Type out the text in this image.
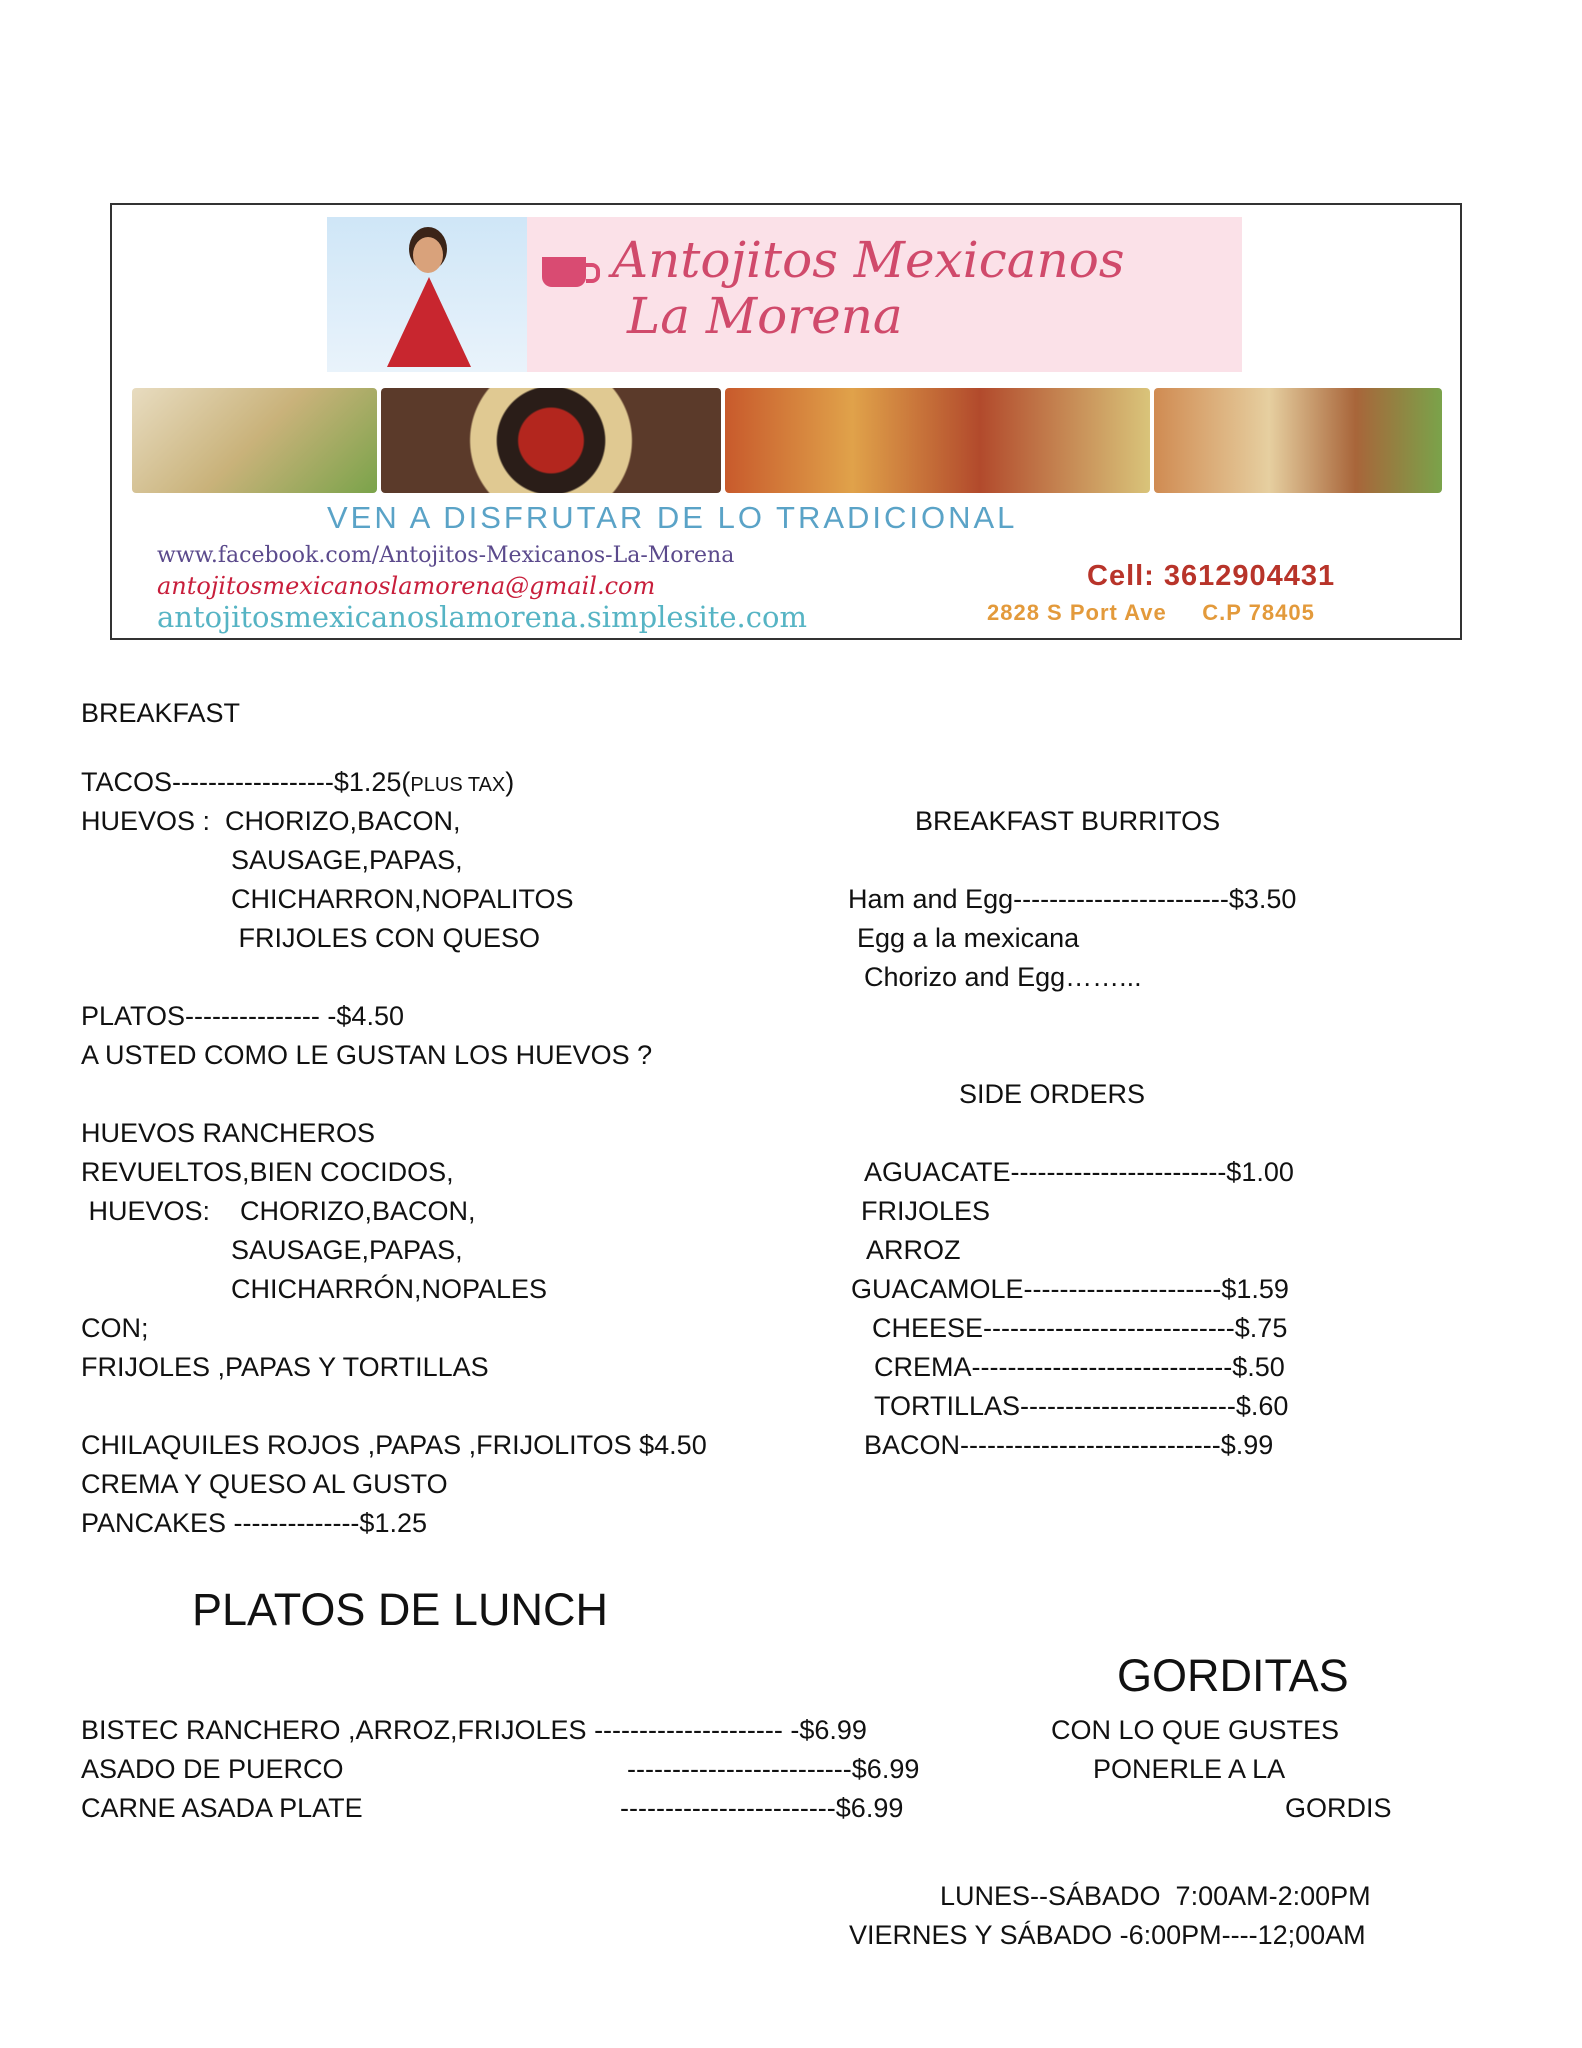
Antojitos Mexicanos
La Morena
VEN A DISFRUTAR DE LO TRADICIONAL
www.facebook.com/Antojitos-Mexicanos-La-Morena
antojitosmexicanoslamorena@gmail.com
antojitosmexicanoslamorena.simplesite.com
Cell: 3612904431
2828 S Port Ave     C.P 78405
BREAKFAST
TACOS------------------$1.25(PLUS TAX)
HUEVOS :  CHORIZO,BACON,
SAUSAGE,PAPAS,
CHICHARRON,NOPALITOS
FRIJOLES CON QUESO
PLATOS--------------- -$4.50
A USTED COMO LE GUSTAN LOS HUEVOS ?
HUEVOS RANCHEROS
REVUELTOS,BIEN COCIDOS,
HUEVOS:    CHORIZO,BACON,
SAUSAGE,PAPAS,
CHICHARRÓN,NOPALES
CON;
FRIJOLES ,PAPAS Y TORTILLAS
CHILAQUILES ROJOS ,PAPAS ,FRIJOLITOS $4.50
CREMA Y QUESO AL GUSTO
PANCAKES --------------$1.25
BREAKFAST BURRITOS
Ham and Egg------------------------$3.50
Egg a la mexicana
Chorizo and Egg……...
SIDE ORDERS
AGUACATE------------------------$1.00
FRIJOLES
ARROZ
GUACAMOLE----------------------$1.59
CHEESE----------------------------$.75
CREMA-----------------------------$.50
TORTILLAS------------------------$.60
BACON-----------------------------$.99
PLATOS DE LUNCH
GORDITAS
BISTEC RANCHERO ,ARROZ,FRIJOLES --------------------- -$6.99
ASADO DE PUERCO	-------------------------$6.99
CARNE ASADA PLATE	------------------------$6.99
CON LO QUE GUSTES
PONERLE A LA
GORDIS
LUNES--SÁBADO  7:00AM-2:00PM
VIERNES Y SÁBADO -6:00PM----12;00AM
